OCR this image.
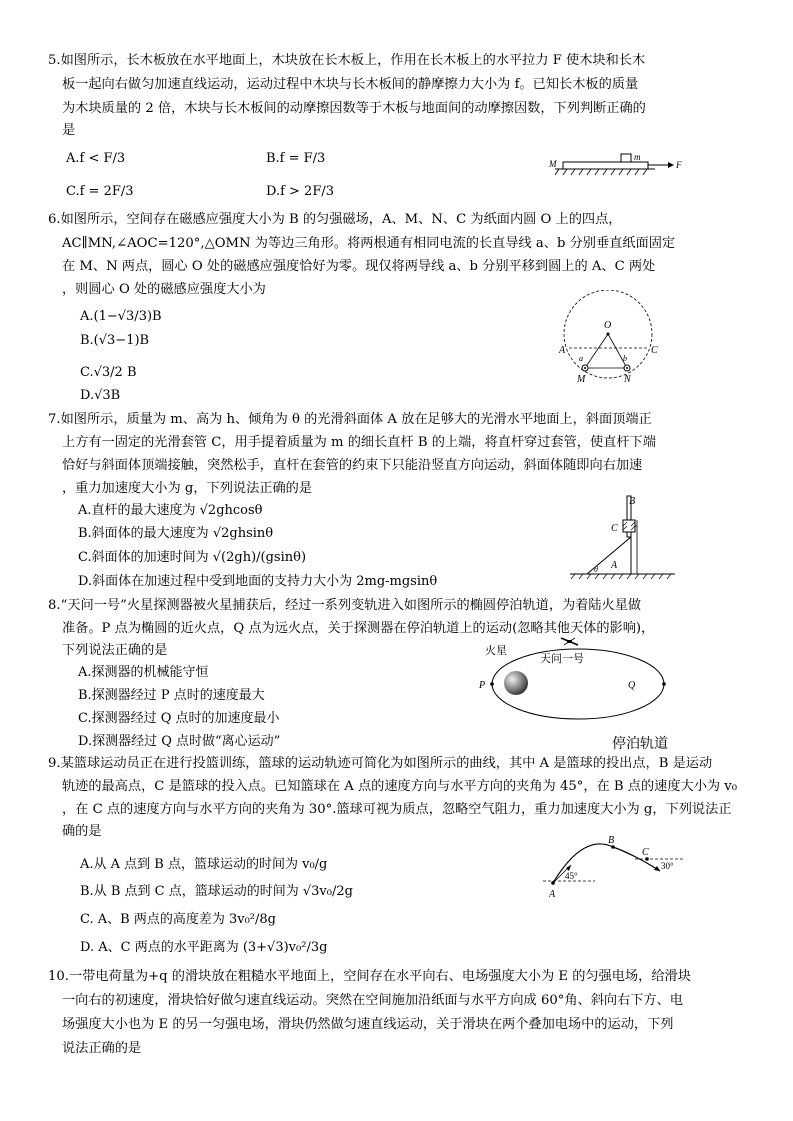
5.如图所示，长木板放在水平地面上，木块放在长木板上，作用在长木板上的水平拉力 F 使木块和长木
板一起向右做匀加速直线运动，运动过程中木块与长木板间的静摩擦力大小为 f。已知长木板的质量
为木块质量的 2 倍，木块与长木板间的动摩擦因数等于木板与地面间的动摩擦因数，下列判断正确的
是
A.f < F/3	B.f = F/3
C.f = 2F/3	D.f > 2F/3
M
m
F
6.如图所示，空间存在磁感应强度大小为 B 的匀强磁场，A、M、N、C 为纸面内圆 O 上的四点，
AC∥MN,∠AOC=120°,△OMN 为等边三角形。将两根通有相同电流的长直导线 a、b 分别垂直纸面固定
在 M、N 两点，圆心 O 处的磁感应强度恰好为零。现仅将两导线 a、b 分别平移到圆上的 A、C 两处
，则圆心 O 处的磁感应强度大小为
A.(1−√3/3)B
B.(√3−1)B
C.√3/2 B
D.√3B
O
A	C
M	N
a	b
7.如图所示，质量为 m、高为 h、倾角为 θ 的光滑斜面体 A 放在足够大的光滑水平地面上，斜面顶端正
上方有一固定的光滑套管 C，用手提着质量为 m 的细长直杆 B 的上端，将直杆穿过套管，使直杆下端
恰好与斜面体顶端接触，突然松手，直杆在套管的约束下只能沿竖直方向运动，斜面体随即向右加速
，重力加速度大小为 g，下列说法正确的是
A.直杆的最大速度为 √2ghcosθ
B.斜面体的最大速度为 √2ghsinθ
C.斜面体的加速时间为 √(2gh)/(gsinθ)
D.斜面体在加速过程中受到地面的支持力大小为 2mg-mgsinθ
B
C
A
θ
8.“天问一号”火星探测器被火星捕获后，经过一系列变轨进入如图所示的椭圆停泊轨道，为着陆火星做
准备。P 点为椭圆的近火点，Q 点为远火点，关于探测器在停泊轨道上的运动(忽略其他天体的影响)，
下列说法正确的是
A.探测器的机械能守恒
B.探测器经过 P 点时的速度最大
C.探测器经过 Q 点时的加速度最小
D.探测器经过 Q 点时做“离心运动”
火星
天问一号
P	Q
停泊轨道
9.某篮球运动员正在进行投篮训练，篮球的运动轨迹可简化为如图所示的曲线，其中 A 是篮球的投出点，B 是运动
轨迹的最高点，C 是篮球的投入点。已知篮球在 A 点的速度方向与水平方向的夹角为 45°，在 B 点的速度大小为 v₀
，在 C 点的速度方向与水平方向的夹角为 30°.篮球可视为质点，忽略空气阻力，重力加速度大小为 g，下列说法正
确的是
A.从 A 点到 B 点，篮球运动的时间为 v₀/g
B.从 B 点到 C 点，篮球运动的时间为 √3v₀/2g
C. A、B 两点的高度差为 3v₀²/8g
D. A、C 两点的水平距离为 (3+√3)v₀²/3g
A
B
C
45°
30°
10.一带电荷量为+q 的滑块放在粗糙水平地面上，空间存在水平向右、电场强度大小为 E 的匀强电场，给滑块
一向右的初速度，滑块恰好做匀速直线运动。突然在空间施加沿纸面与水平方向成 60°角、斜向右下方、电
场强度大小也为 E 的另一匀强电场，滑块仍然做匀速直线运动，关于滑块在两个叠加电场中的运动，下列
说法正确的是
